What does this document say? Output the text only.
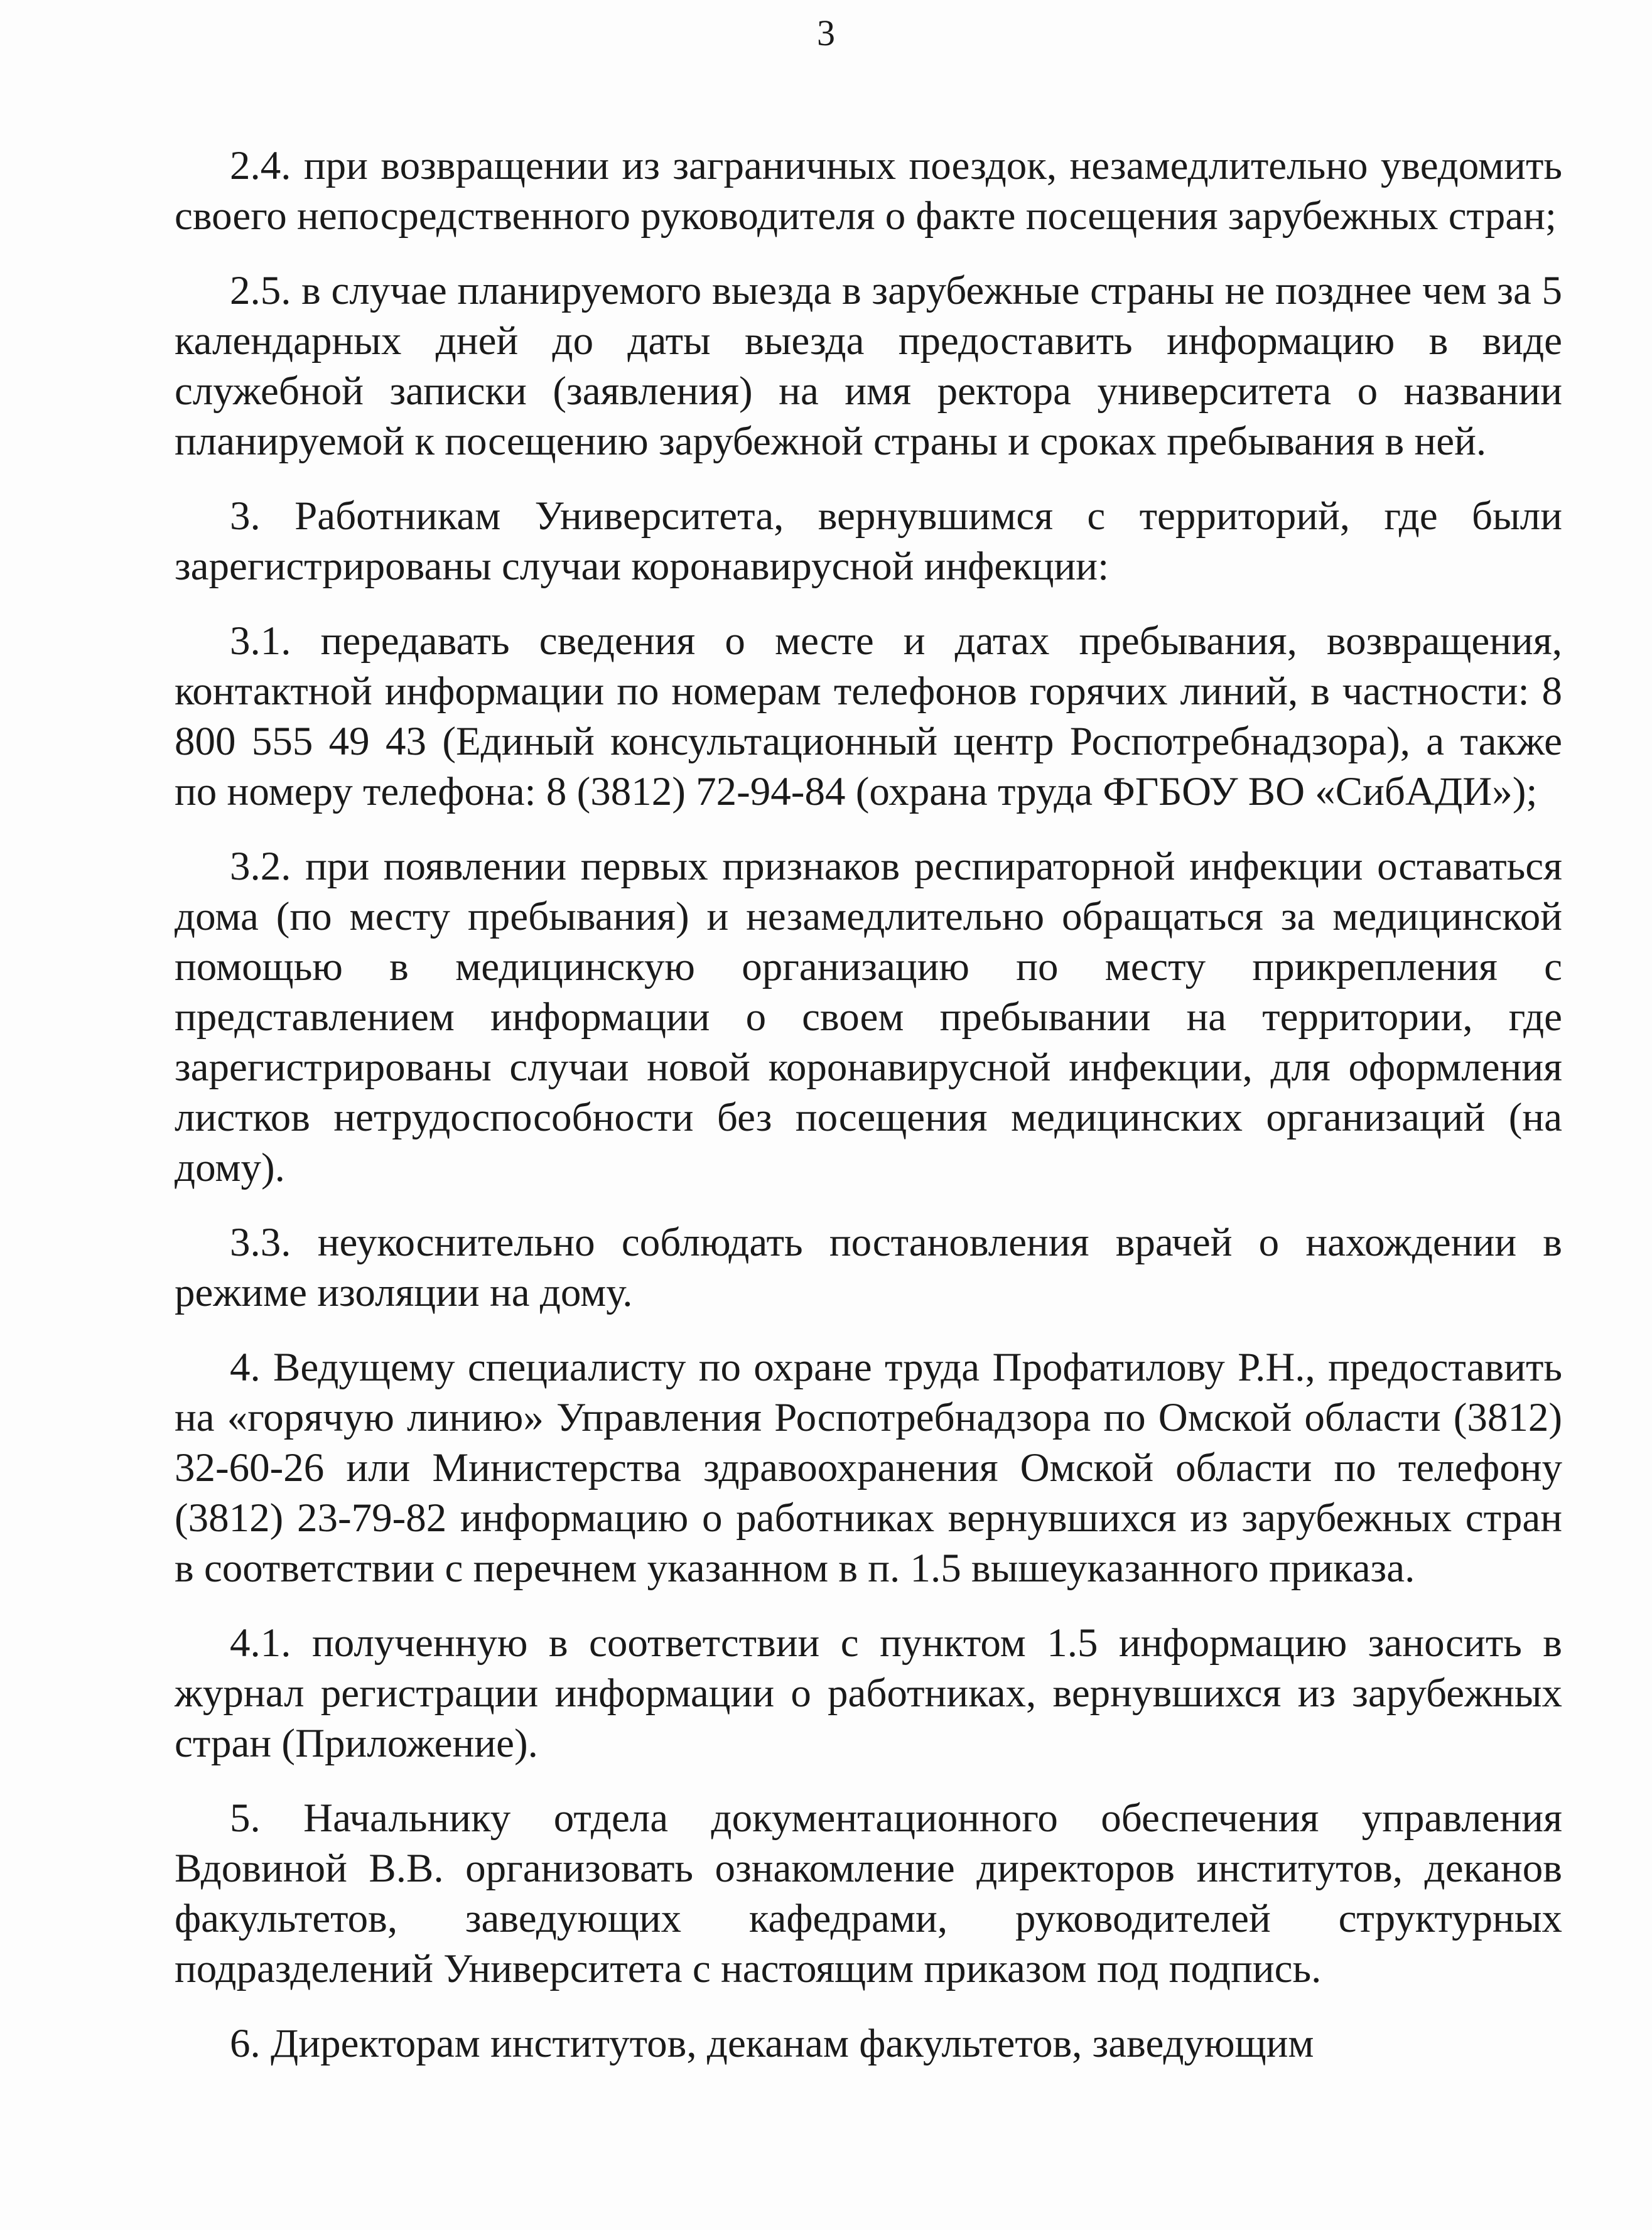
3

2.4. при возвращении из заграничных поездок, незамедлительно уведомить своего непосредственного руководителя о факте посещения зарубежных стран;

2.5. в случае планируемого выезда в зарубежные страны не позднее чем за 5 календарных дней до даты выезда предоставить информацию в виде служебной записки (заявления) на имя ректора университета о названии планируемой к посещению зарубежной страны и сроках пребывания в ней.

3. Работникам Университета, вернувшимся с территорий, где были зарегистрированы случаи коронавирусной инфекции:

3.1. передавать сведения о месте и датах пребывания, возвращения, контактной информации по номерам телефонов горячих линий, в частности: 8 800 555 49 43 (Единый консультационный центр Роспотребнадзора), а также по номеру телефона: 8 (3812) 72-94-84 (охрана труда ФГБОУ ВО «СибАДИ»);

3.2. при появлении первых признаков респираторной инфекции оставаться дома (по месту пребывания) и незамедлительно обращаться за медицинской помощью в медицинскую организацию по месту прикрепления с представлением информации о своем пребывании на территории, где зарегистрированы случаи новой коронавирусной инфекции, для оформления листков нетрудоспособности без посещения медицинских организаций (на дому).

3.3. неукоснительно соблюдать постановления врачей о нахождении в режиме изоляции на дому.

4. Ведущему специалисту по охране труда Профатилову Р.Н., предоставить на «горячую линию» Управления Роспотребнадзора по Омской области (3812) 32-60-26 или Министерства здравоохранения Омской области по телефону (3812) 23-79-82 информацию о работниках вернувшихся из зарубежных стран в соответствии с перечнем указанном в п. 1.5 вышеуказанного приказа.

4.1. полученную в соответствии с пунктом 1.5 информацию заносить в журнал регистрации информации о работниках, вернувшихся из зарубежных стран (Приложение).

5. Начальнику отдела документационного обеспечения управления Вдовиной В.В. организовать ознакомление директоров институтов, деканов факультетов, заведующих кафедрами, руководителей структурных подразделений Университета с настоящим приказом под подпись.

6. Директорам институтов, деканам факультетов, заведующим
